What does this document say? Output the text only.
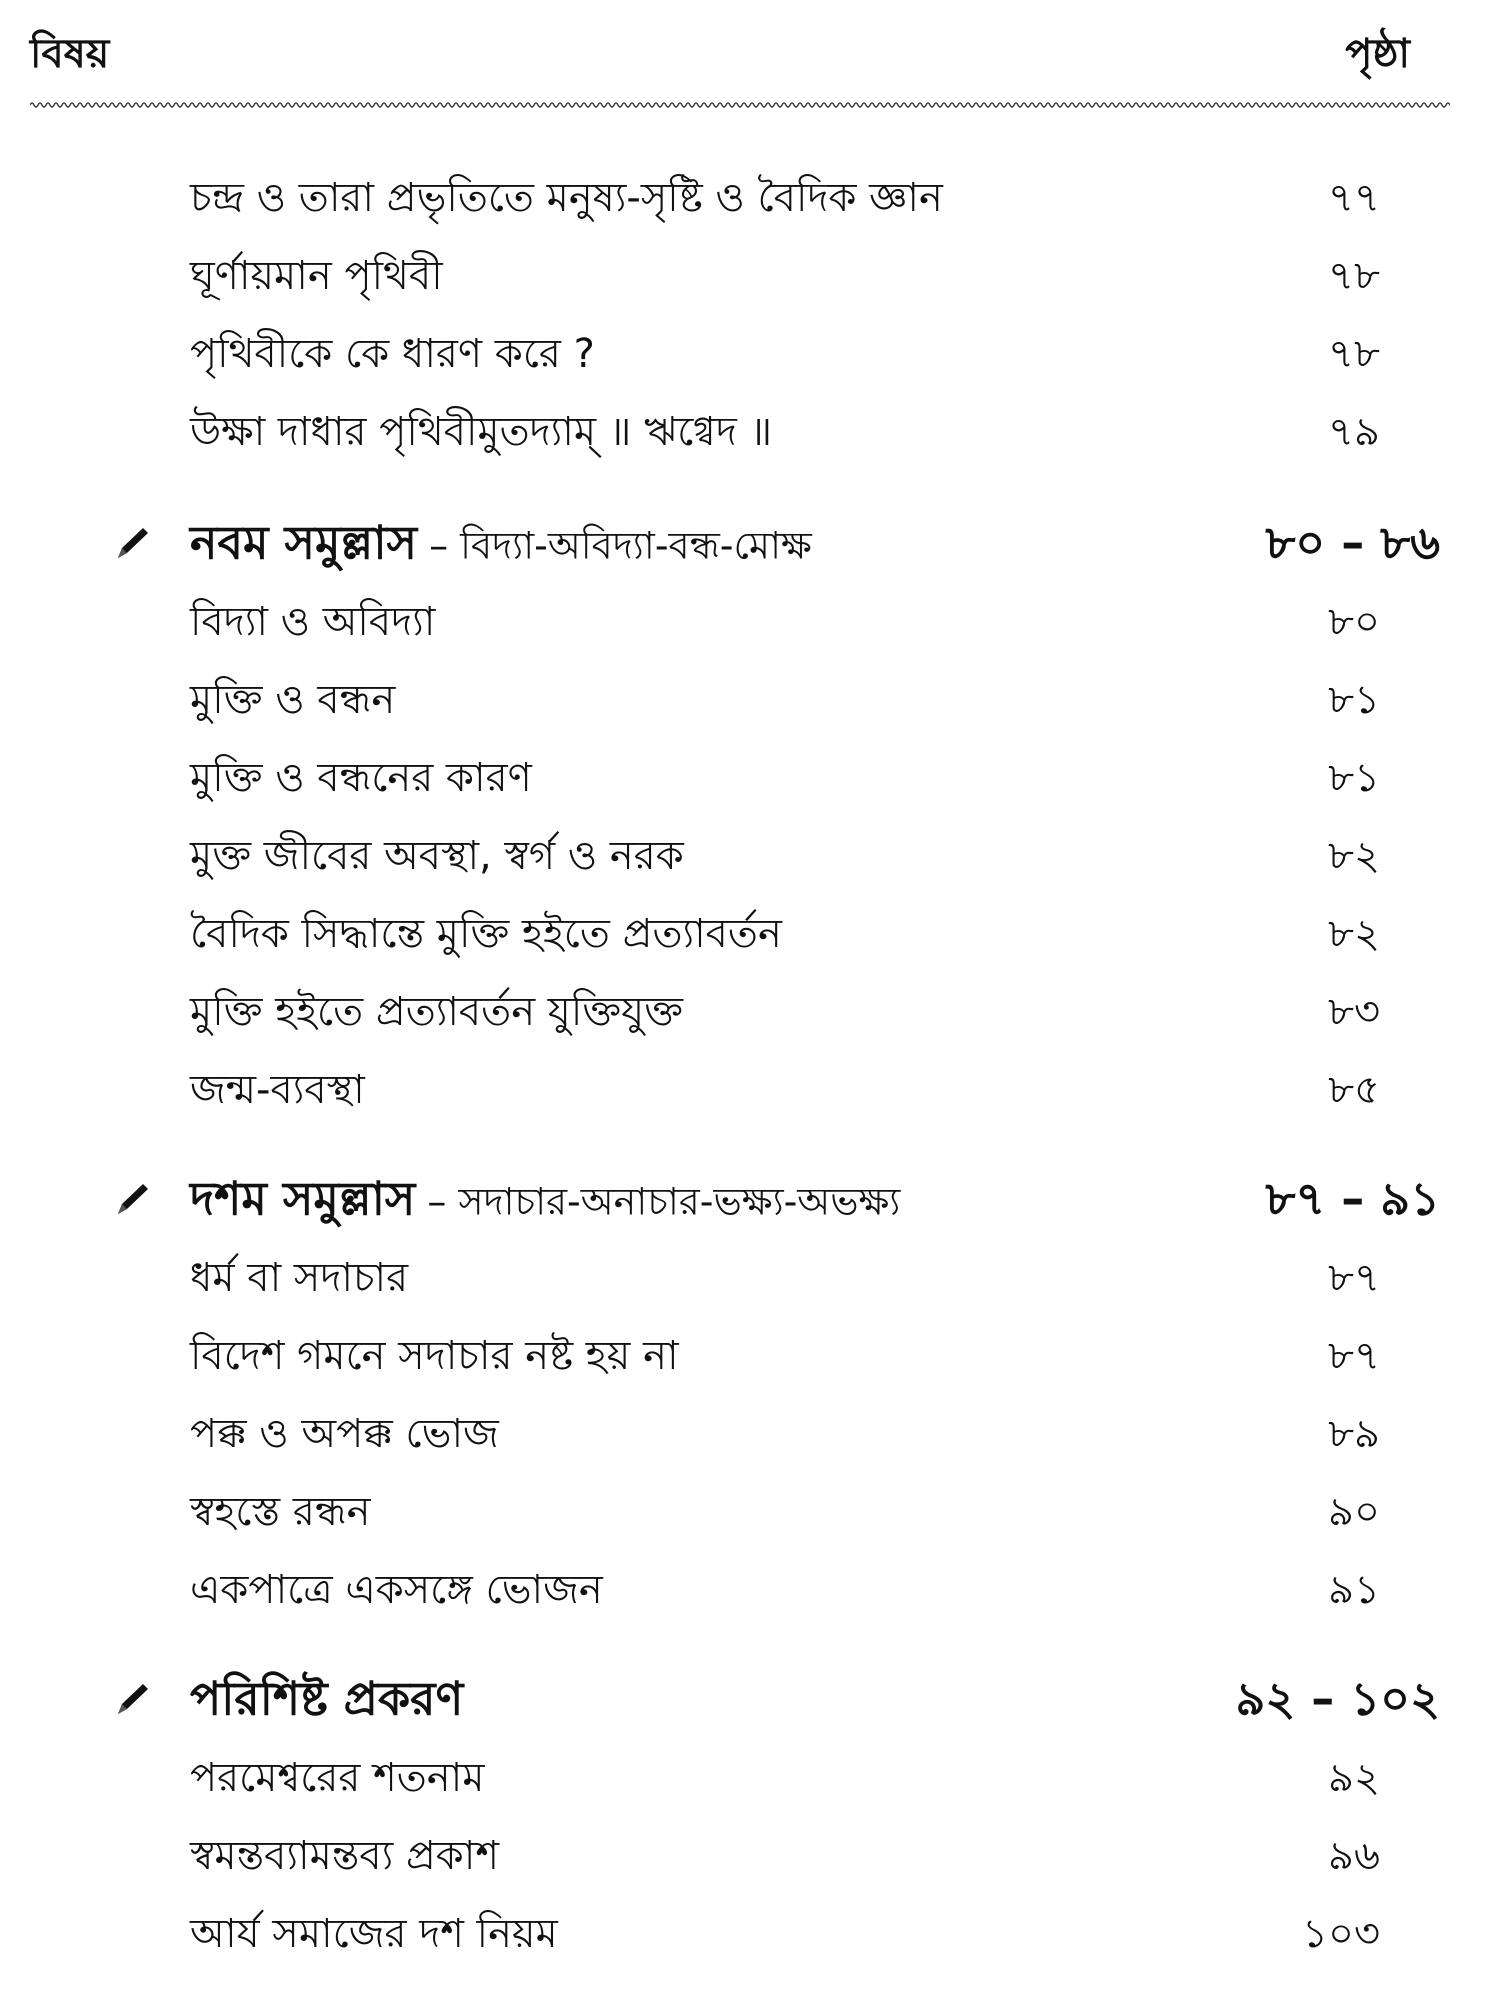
বিষয়	পৃষ্ঠা
চন্দ্র ও তারা প্রভৃতিতে মনুষ্য-সৃষ্টি ও বৈদিক জ্ঞান	৭৭
ঘূর্ণায়মান পৃথিবী	৭৮
পৃথিবীকে কে ধারণ করে ?	৭৮
উক্ষা দাধার পৃথিবীমুতদ্যাম্ ॥ ঋগ্বেদ ॥	৭৯
নবম সমুল্লাস – বিদ্যা-অবিদ্যা-বন্ধ-মোক্ষ	৮০ – ৮৬
বিদ্যা ও অবিদ্যা	৮০
মুক্তি ও বন্ধন	৮১
মুক্তি ও বন্ধনের কারণ	৮১
মুক্ত জীবের অবস্থা, স্বর্গ ও নরক	৮২
বৈদিক সিদ্ধান্তে মুক্তি হইতে প্রত্যাবর্তন	৮২
মুক্তি হইতে প্রত্যাবর্তন যুক্তিযুক্ত	৮৩
জন্ম-ব্যবস্থা	৮৫
দশম সমুল্লাস – সদাচার-অনাচার-ভক্ষ্য-অভক্ষ্য	৮৭ – ৯১
ধর্ম বা সদাচার	৮৭
বিদেশ গমনে সদাচার নষ্ট হয় না	৮৭
পক্ক ও অপক্ক ভোজ	৮৯
স্বহস্তে রন্ধন	৯০
একপাত্রে একসঙ্গে ভোজন	৯১
পরিশিষ্ট প্রকরণ	৯২ – ১০২
পরমেশ্বরের শতনাম	৯২
স্বমন্তব্যামন্তব্য প্রকাশ	৯৬
আর্য সমাজের দশ নিয়ম	১০৩
